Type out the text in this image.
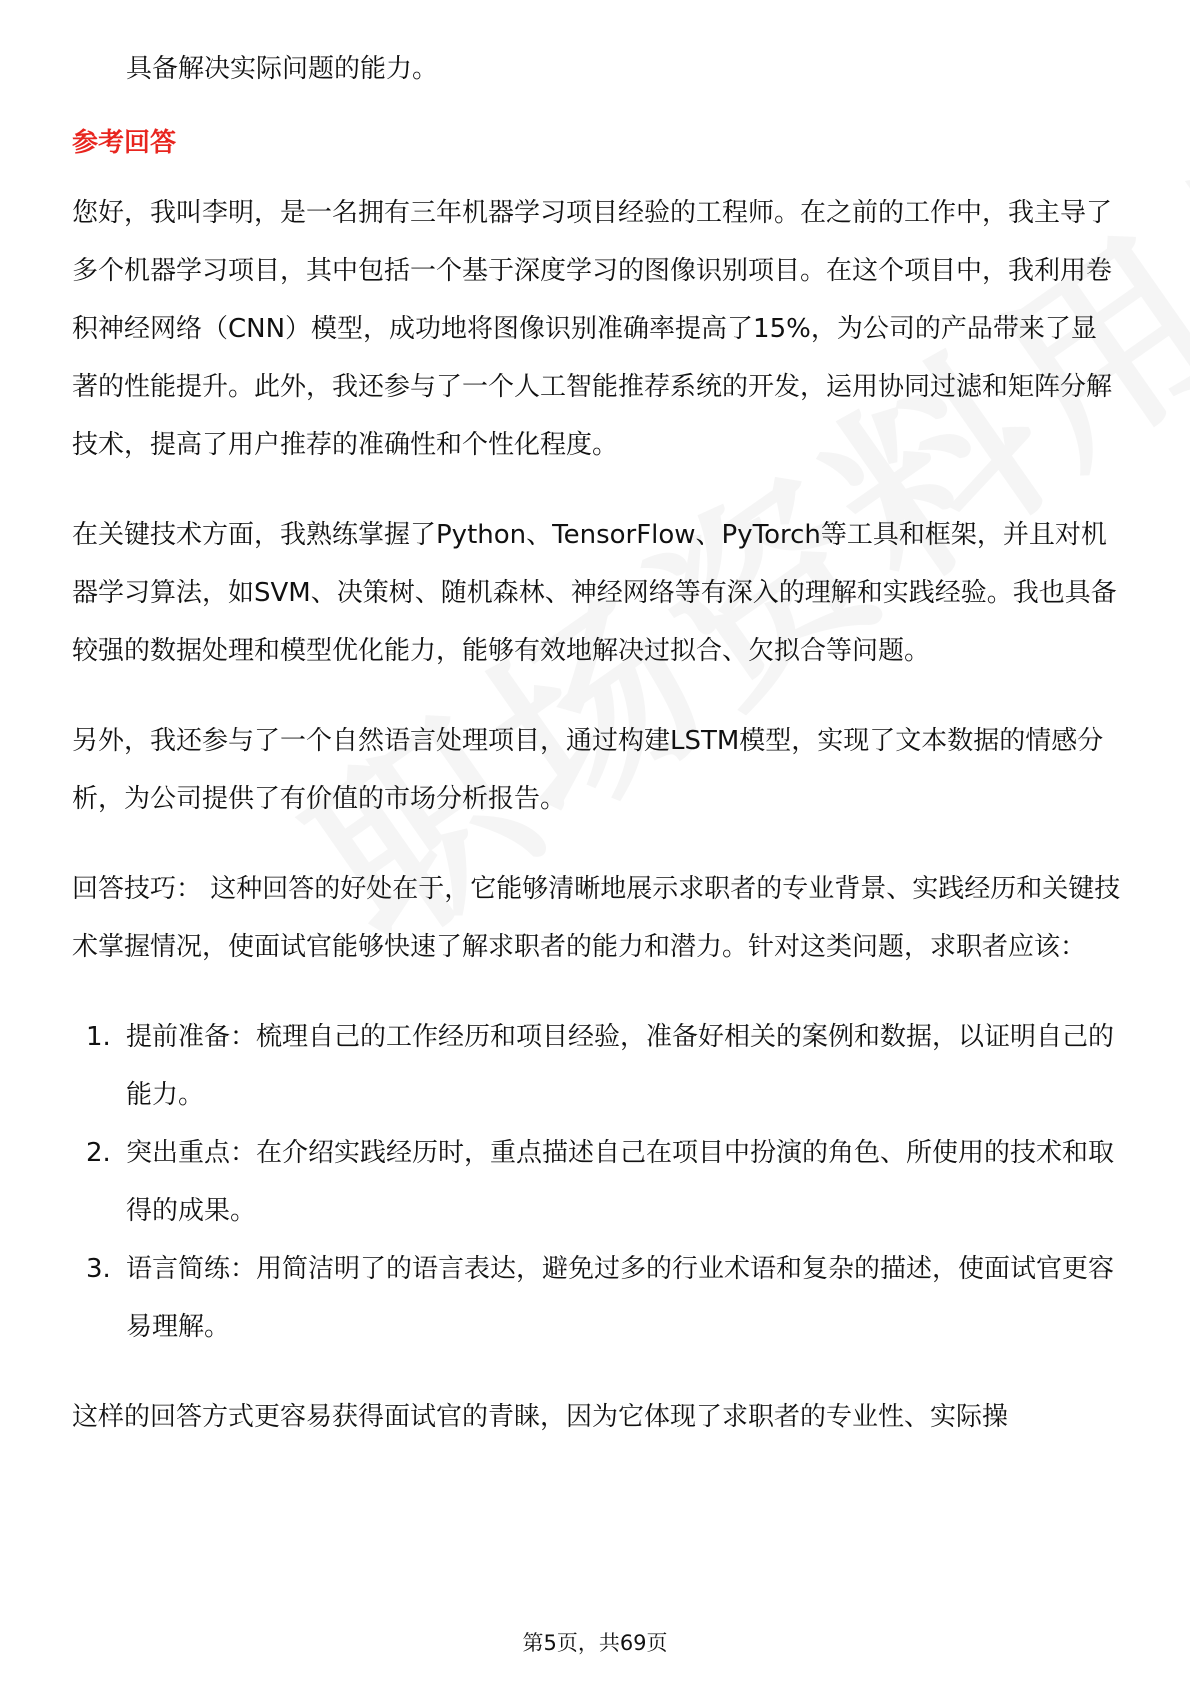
具备解决实际问题的能力。

参考回答

您好，我叫李明，是一名拥有三年机器学习项目经验的工程师。在之前的工作中，我主导了多个机器学习项目，其中包括一个基于深度学习的图像识别项目。在这个项目中，我利用卷积神经网络（CNN）模型，成功地将图像识别准确率提高了15%，为公司的产品带来了显著的性能提升。此外，我还参与了一个人工智能推荐系统的开发，运用协同过滤和矩阵分解技术，提高了用户推荐的准确性和个性化程度。

在关键技术方面，我熟练掌握了Python、TensorFlow、PyTorch等工具和框架，并且对机器学习算法，如SVM、决策树、随机森林、神经网络等有深入的理解和实践经验。我也具备较强的数据处理和模型优化能力，能够有效地解决过拟合、欠拟合等问题。

另外，我还参与了一个自然语言处理项目，通过构建LSTM模型，实现了文本数据的情感分析，为公司提供了有价值的市场分析报告。

回答技巧： 这种回答的好处在于，它能够清晰地展示求职者的专业背景、实践经历和关键技术掌握情况，使面试官能够快速了解求职者的能力和潜力。针对这类问题，求职者应该：

1. 提前准备：梳理自己的工作经历和项目经验，准备好相关的案例和数据，以证明自己的能力。
2. 突出重点：在介绍实践经历时，重点描述自己在项目中扮演的角色、所使用的技术和取得的成果。
3. 语言简练：用简洁明了的语言表达，避免过多的行业术语和复杂的描述，使面试官更容易理解。

这样的回答方式更容易获得面试官的青睐，因为它体现了求职者的专业性、实际操

第5页，共69页
